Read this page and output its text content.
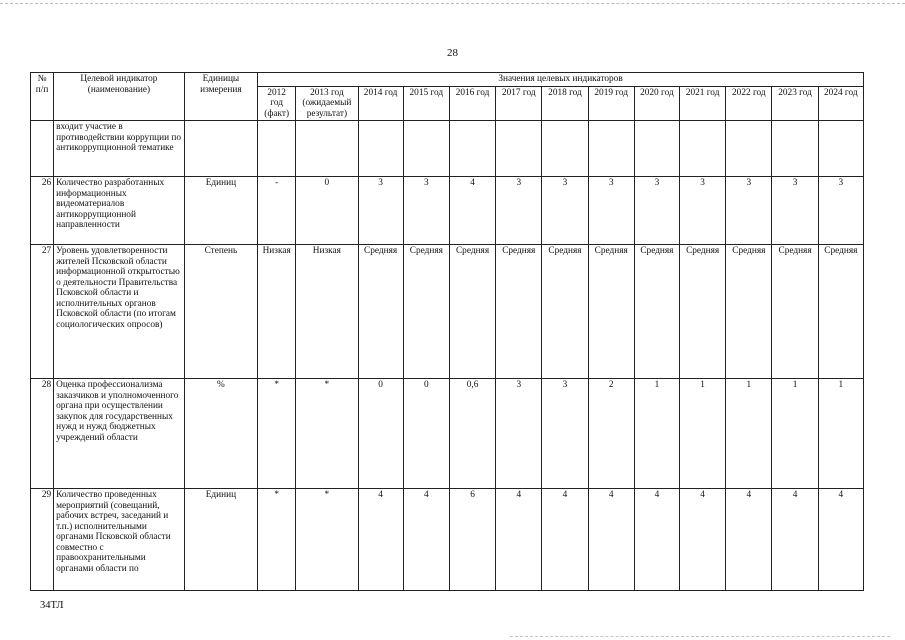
28
№ п/п	Целевой индикатор (наименование)	Единицы измерения	Значения целевых индикаторов												
			2012 год (факт)	2013 год (ожидаемый результат)	2014 год	2015 год	2016 год	2017 год	2018 год	2019 год	2020 год	2021 год	2022 год	2023 год	2024 год
	входит участие в противодействии коррупции по антикоррупционной тематике														
26	Количество разработанных информационных видеоматериалов антикоррупционной направленности	Единиц	-	0	3	3	4	3	3	3	3	3	3	3	3
27	Уровень удовлетворенности жителей Псковской области информационной открытостью о деятельности Правительства Псковской области и исполнительных органов Псковской области (по итогам социологических опросов)	Степень	Низкая	Низкая	Средняя	Средняя	Средняя	Средняя	Средняя	Средняя	Средняя	Средняя	Средняя	Средняя	Средняя
28	Оценка профессионализма заказчиков и уполномоченного органа при осуществлении закупок для государственных нужд и нужд бюджетных учреждений области	%	*	*	0	0	0,6	3	3	2	1	1	1	1	1
29	Количество проведенных мероприятий (совещаний, рабочих встреч, заседаний и т.п.) исполнительными органами Псковской области совместно с правоохранительными органами области по	Единиц	*	*	4	4	6	4	4	4	4	4	4	4	4
34ТЛ
